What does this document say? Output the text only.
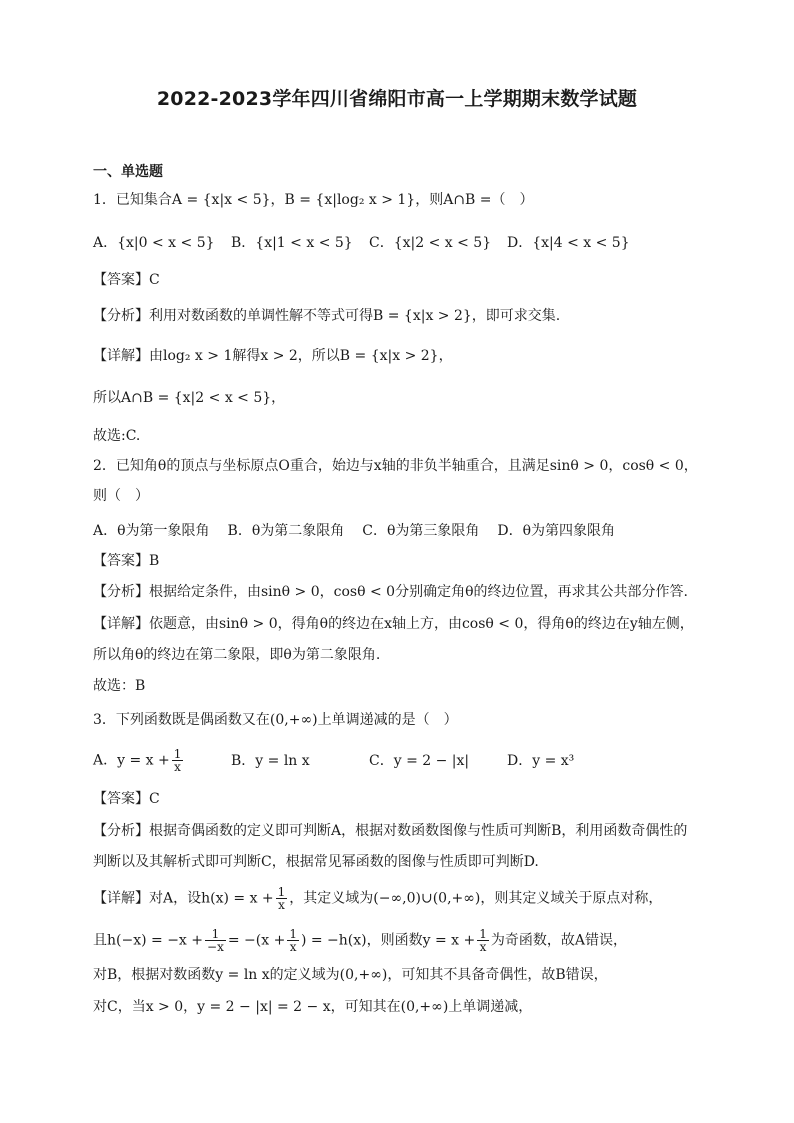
2022-2023学年四川省绵阳市高一上学期期末数学试题
一、单选题
1．已知集合A = {x|x < 5}，B = {x|log₂ x > 1}，则A∩B =（　）
A．{x|0 < x < 5} B．{x|1 < x < 5} C．{x|2 < x < 5} D．{x|4 < x < 5}
【答案】C
【分析】利用对数函数的单调性解不等式可得B = {x|x > 2}，即可求交集.
【详解】由log₂ x > 1解得x > 2，所以B = {x|x > 2}，
所以A∩B = {x|2 < x < 5}，
故选:C.
2．已知角θ的顶点与坐标原点O重合，始边与x轴的非负半轴重合，且满足sinθ > 0，cosθ < 0，
则（　）
A．θ为第一象限角 B．θ为第二象限角 C．θ为第三象限角 D．θ为第四象限角
【答案】B
【分析】根据给定条件，由sinθ > 0，cosθ < 0分别确定角θ的终边位置，再求其公共部分作答.
【详解】依题意，由sinθ > 0，得角θ的终边在x轴上方，由cosθ < 0，得角θ的终边在y轴左侧，
所以角θ的终边在第二象限，即θ为第二象限角.
故选：B
3．下列函数既是偶函数又在(0,+∞)上单调递减的是（　）
A．$y = x + \frac{1}{x}$	B．y = ln x	C．y = 2 − |x|	D．y = x³
【答案】C
【分析】根据奇偶函数的定义即可判断A，根据对数函数图像与性质可判断B，利用函数奇偶性的
判断以及其解析式即可判断C，根据常见幂函数的图像与性质即可判断D.
【详解】对A，设$h(x) = x + \frac{1}{x}$ ，其定义域为(−∞,0)∪(0,+∞)，则其定义域关于原点对称，
且$h(-x) = -x + \frac{1}{-x} = -(x + \frac{1}{x}$ ) = −h(x)，则函数$y = x + \frac{1}{x}$ 为奇函数，故A错误，
对B，根据对数函数y = ln x的定义域为(0,+∞)，可知其不具备奇偶性，故B错误，
对C，当x > 0，y = 2 − |x| = 2 − x，可知其在(0,+∞)上单调递减，
